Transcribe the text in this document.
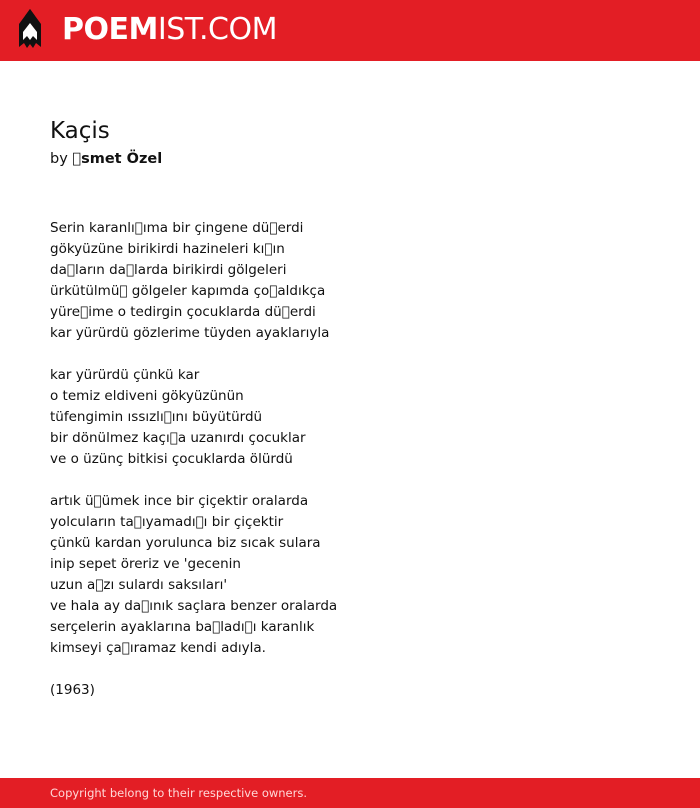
POEMIST.COM
Kaçis
by  smet Özel
Serin karanlı ıma bir çingene dü erdi
gökyüzüne birikirdi hazineleri kı ın
da ların da larda birikirdi gölgeleri
ürkütülmü  gölgeler kapımda ço aldıkça
yüre ime o tedirgin çocuklarda dü erdi
kar yürürdü gözlerime tüyden ayaklarıyla

kar yürürdü çünkü kar
o temiz eldiveni gökyüzünün
tüfengimin ıssızlı ını büyütürdü
bir dönülmez kaçı a uzanırdı çocuklar
ve o üzünç bitkisi çocuklarda ölürdü

artık ü ümek ince bir çiçektir oralarda
yolcuların ta ıyamadı ı bir çiçektir
çünkü kardan yorulunca biz sıcak sulara
inip sepet öreriz ve 'gecenin
uzun a zı sulardı saksıları'
ve hala ay da ınık saçlara benzer oralarda
serçelerin ayaklarına ba ladı ı karanlık
kimseyi ça ıramaz kendi adıyla.

(1963)
Copyright belong to their respective owners.
